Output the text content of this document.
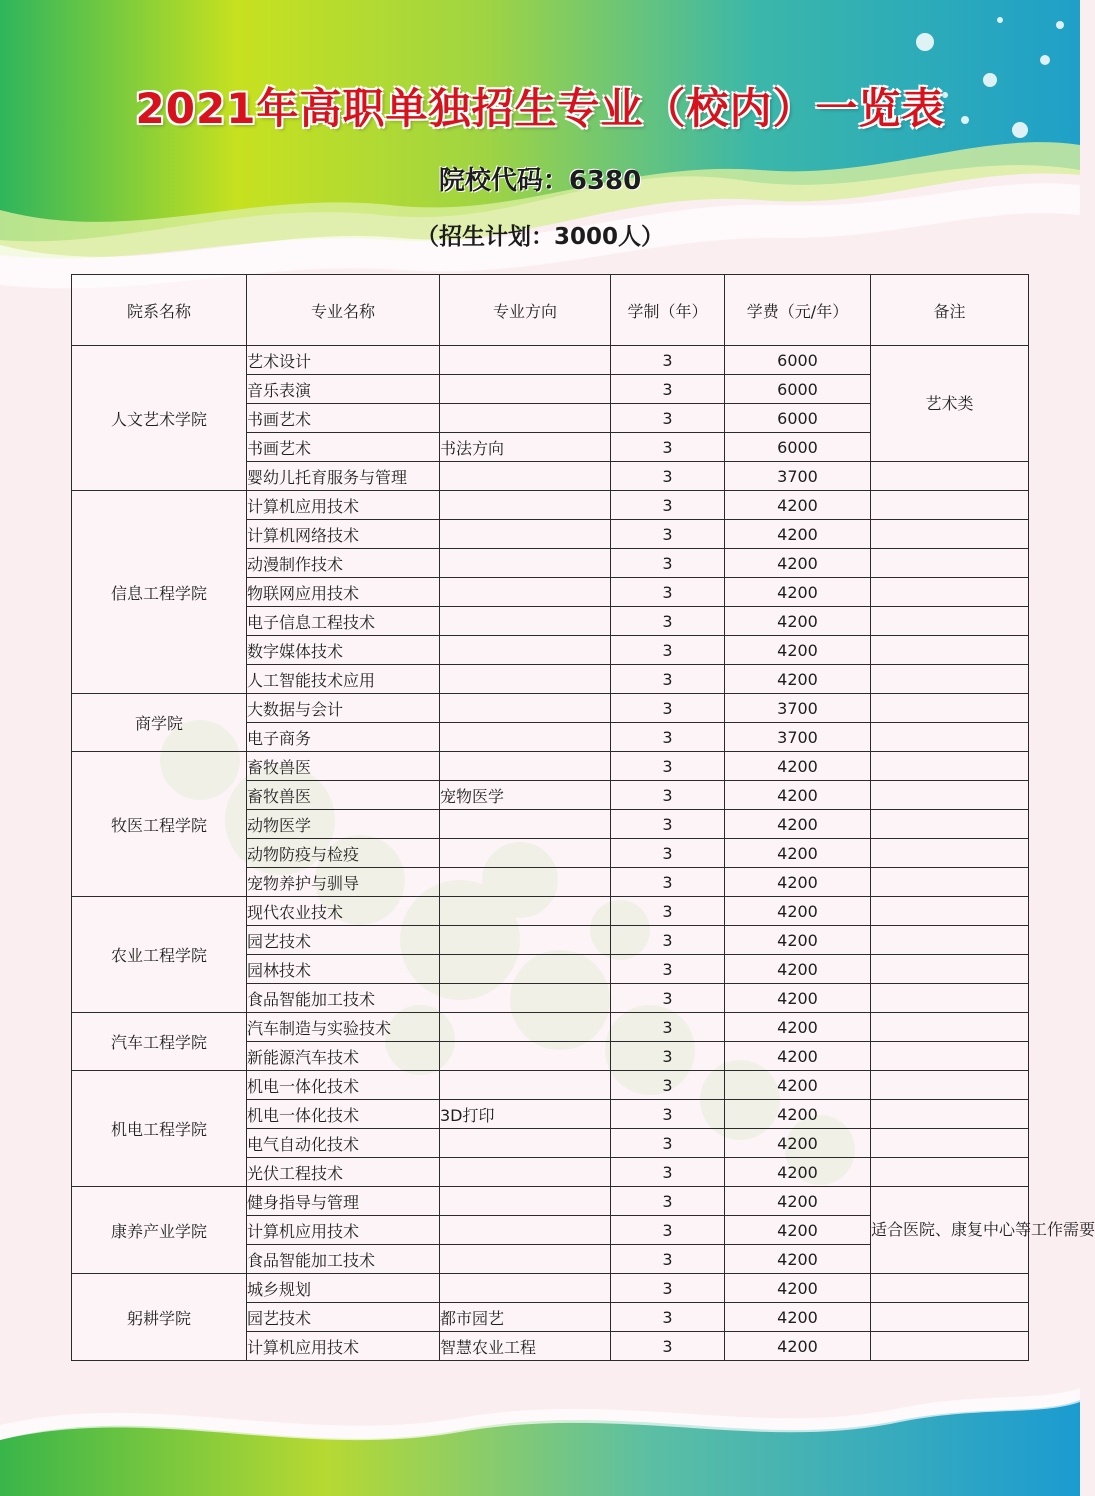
2021年高职单独招生专业（校内）一览表
院校代码：6380
（招生计划：3000人）
院系名称	专业名称	专业方向	学制（年）	学费（元/年）	备注
人文艺术学院	艺术设计		3	6000	艺术类
	音乐表演		3	6000	
	书画艺术		3	6000	
	书画艺术	书法方向	3	6000	
	婴幼儿托育服务与管理		3	3700	
信息工程学院	计算机应用技术		3	4200	
	计算机网络技术		3	4200	
	动漫制作技术		3	4200	
	物联网应用技术		3	4200	
	电子信息工程技术		3	4200	
	数字媒体技术		3	4200	
	人工智能技术应用		3	4200	
商学院	大数据与会计		3	3700	
	电子商务		3	3700	
牧医工程学院	畜牧兽医		3	4200	
	畜牧兽医	宠物医学	3	4200	
	动物医学		3	4200	
	动物防疫与检疫		3	4200	
	宠物养护与驯导		3	4200	
农业工程学院	现代农业技术		3	4200	
	园艺技术		3	4200	
	园林技术		3	4200	
	食品智能加工技术		3	4200	
汽车工程学院	汽车制造与实验技术		3	4200	
	新能源汽车技术		3	4200	
机电工程学院	机电一体化技术		3	4200	
	机电一体化技术	3D打印	3	4200	
	电气自动化技术		3	4200	
	光伏工程技术		3	4200	
康养产业学院	健身指导与管理		3	4200	适合医院、康复中心等工作需要
	计算机应用技术		3	4200	
	食品智能加工技术		3	4200	
躬耕学院	城乡规划		3	4200	
	园艺技术	都市园艺	3	4200	
	计算机应用技术	智慧农业工程	3	4200	
